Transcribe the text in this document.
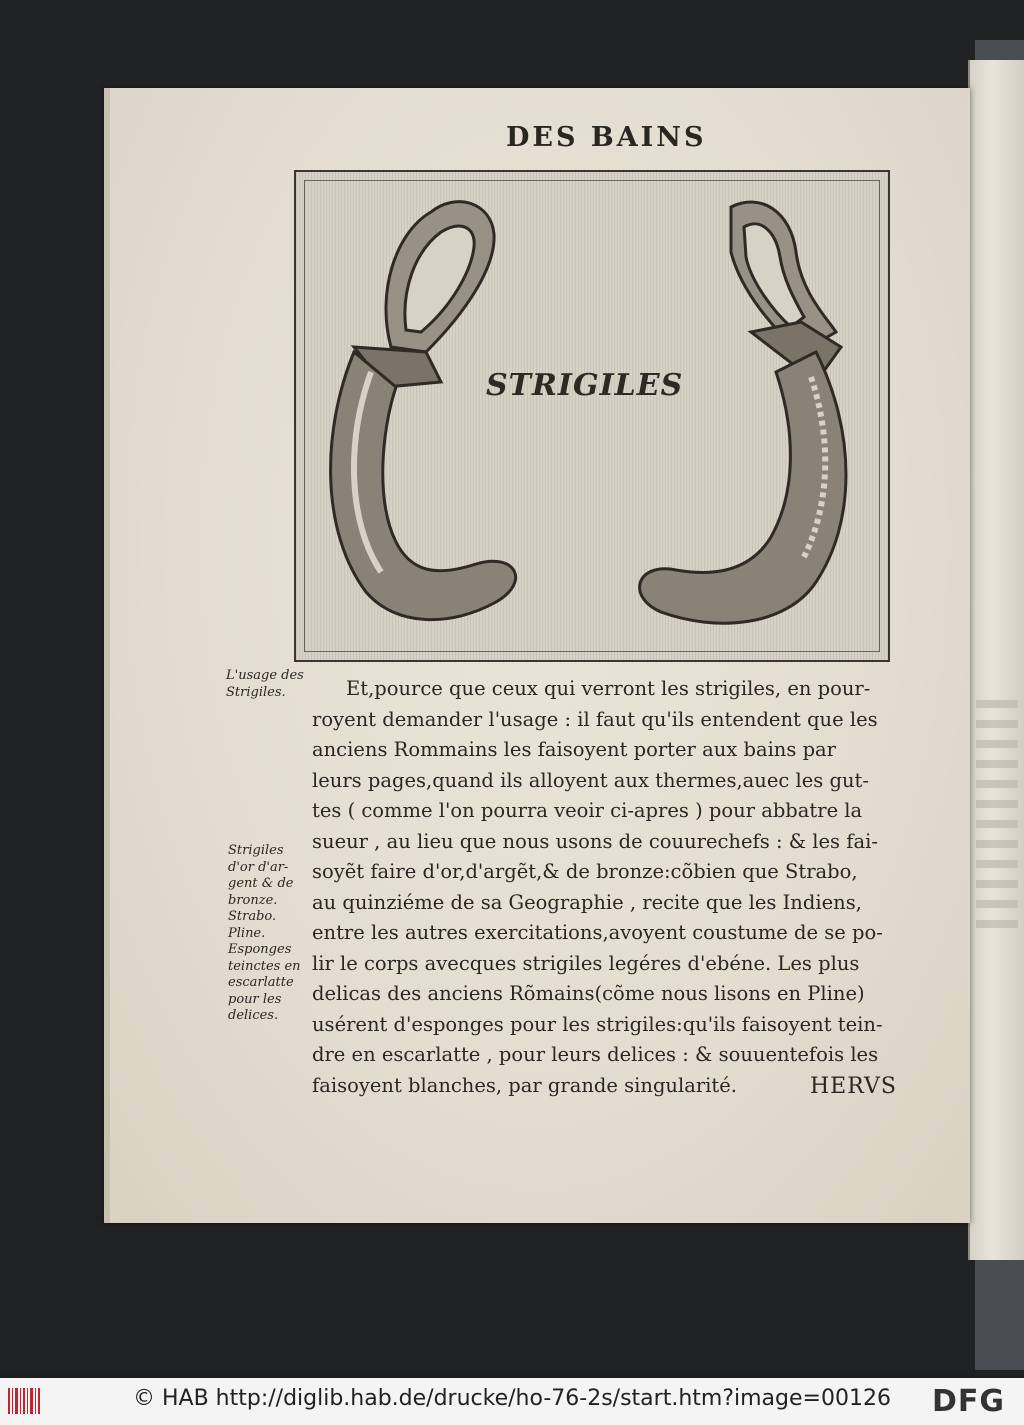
DES BAINS
STRIGILES
L'usage des
Strigiles.
Strigiles
d'or d'ar-
gent & de
bronze.
Strabo.
Pline.
Esponges
teinctes en
escarlatte
pour les
delices.
Et,pource que ceux qui verront les strigiles, en pour-
royent demander l'usage : il faut qu'ils entendent que les
anciens Rommains les faisoyent porter aux bains par
leurs pages,quand ils alloyent aux thermes,auec les gut-
tes ( comme l'on pourra veoir ci-apres ) pour abbatre la
sueur , au lieu que nous usons de couurechefs : & les fai-
soyẽt faire d'or,d'argẽt,& de bronze:cõbien que Strabo,
au quinziéme de sa Geographie , recite que les Indiens,
entre les autres exercitations,avoyent coustume de se po-
lir le corps avecques strigiles legéres d'ebéne. Les plus
delicas des anciens Rõmains(cõme nous lisons en Pline)
usérent d'esponges pour les strigiles:qu'ils faisoyent tein-
dre en escarlatte , pour leurs delices : & souuentefois les
faisoyent blanches, par grande singularité.	HERVS
© HAB http://diglib.hab.de/drucke/ho-76-2s/start.htm?image=00126 DFG
